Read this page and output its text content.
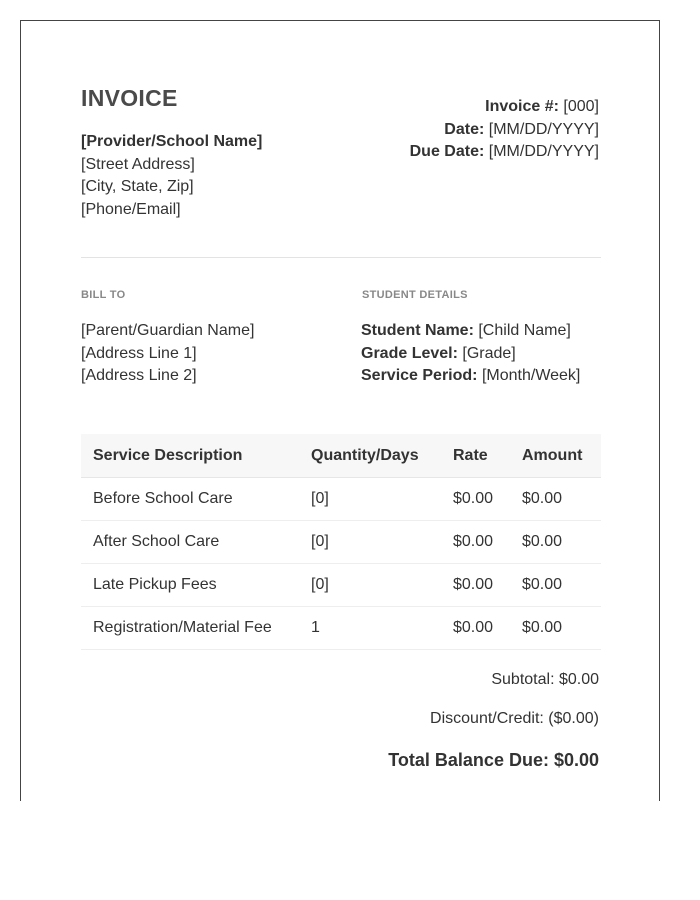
INVOICE
[Provider/School Name]
[Street Address]
[City, State, Zip]
[Phone/Email]
Invoice #: [000]
Date: [MM/DD/YYYY]
Due Date: [MM/DD/YYYY]
BILL TO	STUDENT DETAILS
[Parent/Guardian Name]
[Address Line 1]
[Address Line 2]
Student Name: [Child Name]
Grade Level: [Grade]
Service Period: [Month/Week]
Service Description	Quantity/Days	Rate	Amount
Before School Care	[0]	$0.00	$0.00
After School Care	[0]	$0.00	$0.00
Late Pickup Fees	[0]	$0.00	$0.00
Registration/Material Fee	1	$0.00	$0.00
Subtotal: $0.00
Discount/Credit: ($0.00)
Total Balance Due: $0.00
